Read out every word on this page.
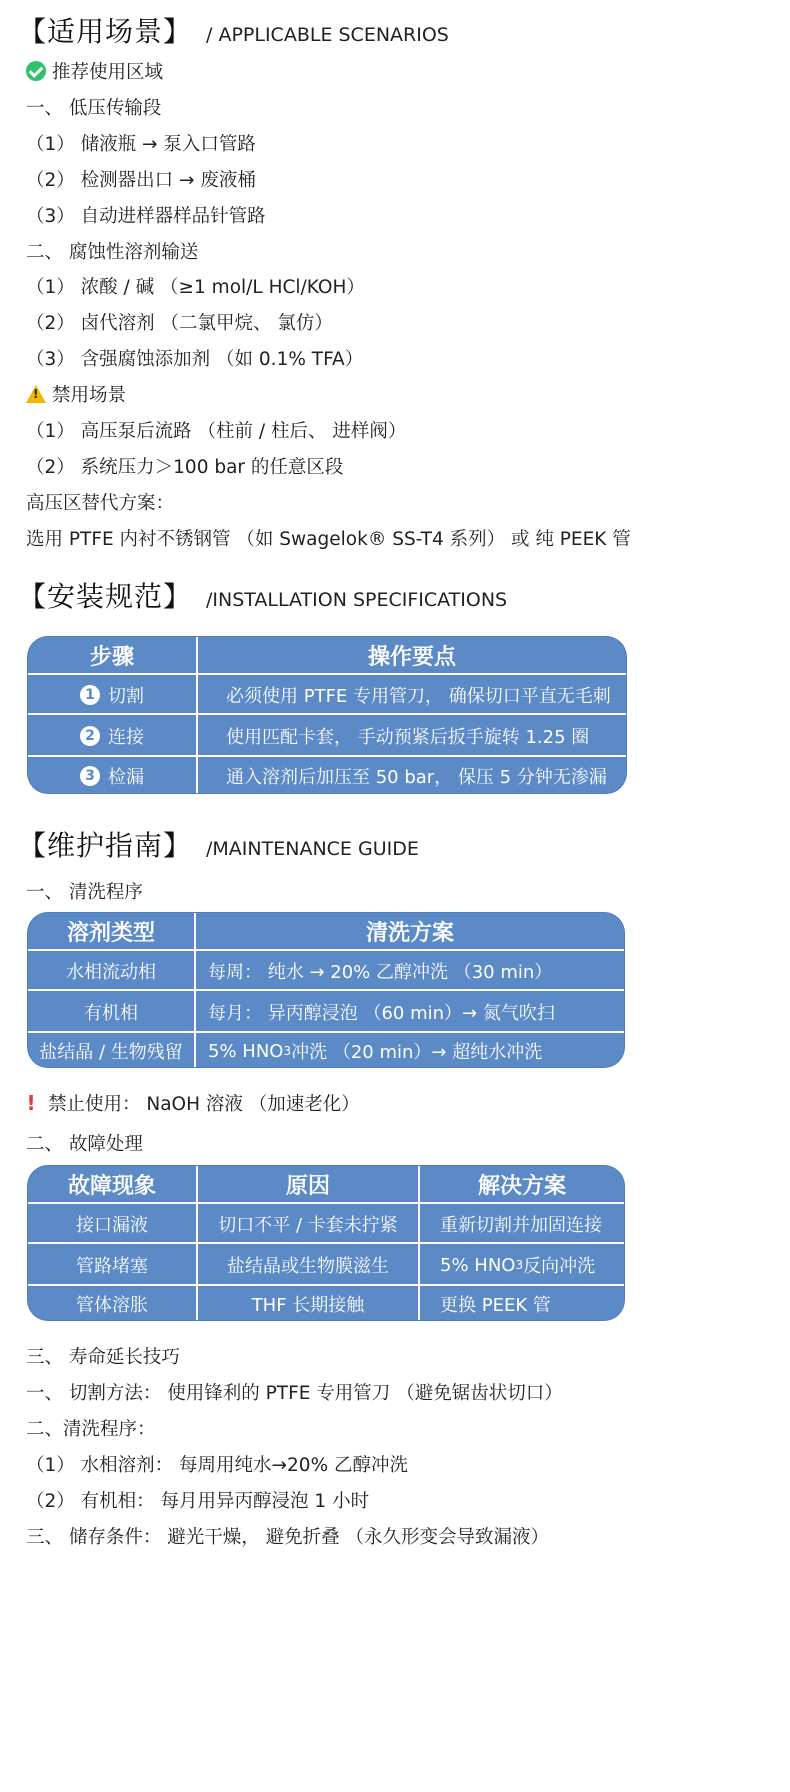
【适用场景】 / APPLICABLE SCENARIOS
推荐使用区域
一、 低压传输段
（1） 储液瓶 → 泵入口管路
（2） 检测器出口 → 废液桶
（3） 自动进样器样品针管路
二、 腐蚀性溶剂输送
（1） 浓酸 / 碱 （≥1 mol/L HCl/KOH）
（2） 卤代溶剂 （二氯甲烷、 氯仿）
（3） 含强腐蚀添加剂 （如 0.1% TFA）
!
禁用场景
（1） 高压泵后流路 （柱前 / 柱后、 进样阀）
（2） 系统压力＞100 bar 的任意区段
高压区替代方案：
选用 PTFE 内衬不锈钢管 （如 Swagelok® SS-T4 系列） 或 纯 PEEK 管
【安装规范】 /INSTALLATION SPECIFICATIONS
步骤	操作要点
1 切割	必须使用 PTFE 专用管刀， 确保切口平直无毛刺
2 连接	使用匹配卡套， 手动预紧后扳手旋转 1.25 圈
3 检漏	通入溶剂后加压至 50 bar， 保压 5 分钟无渗漏
【维护指南】 /MAINTENANCE GUIDE
一、 清洗程序
溶剂类型	清洗方案
水相流动相	每周： 纯水 → 20% 乙醇冲洗 （30 min）
有机相	每月： 异丙醇浸泡 （60 min）→ 氮气吹扫
盐结晶 / 生物残留	5% HNO 3 冲洗 （20 min）→ 超纯水冲洗
! 禁止使用： NaOH 溶液 （加速老化）
二、 故障处理
故障现象	原因	解决方案
接口漏液	切口不平 / 卡套未拧紧	重新切割并加固连接
管路堵塞	盐结晶或生物膜滋生	5% HNO 3 反向冲洗
管体溶胀	THF 长期接触	更换 PEEK 管
三、 寿命延长技巧
一、 切割方法： 使用锋利的 PTFE 专用管刀 （避免锯齿状切口）
二、清洗程序：
（1） 水相溶剂： 每周用纯水→20% 乙醇冲洗
（2） 有机相： 每月用异丙醇浸泡 1 小时
三、 储存条件： 避光干燥， 避免折叠 （永久形变会导致漏液）
